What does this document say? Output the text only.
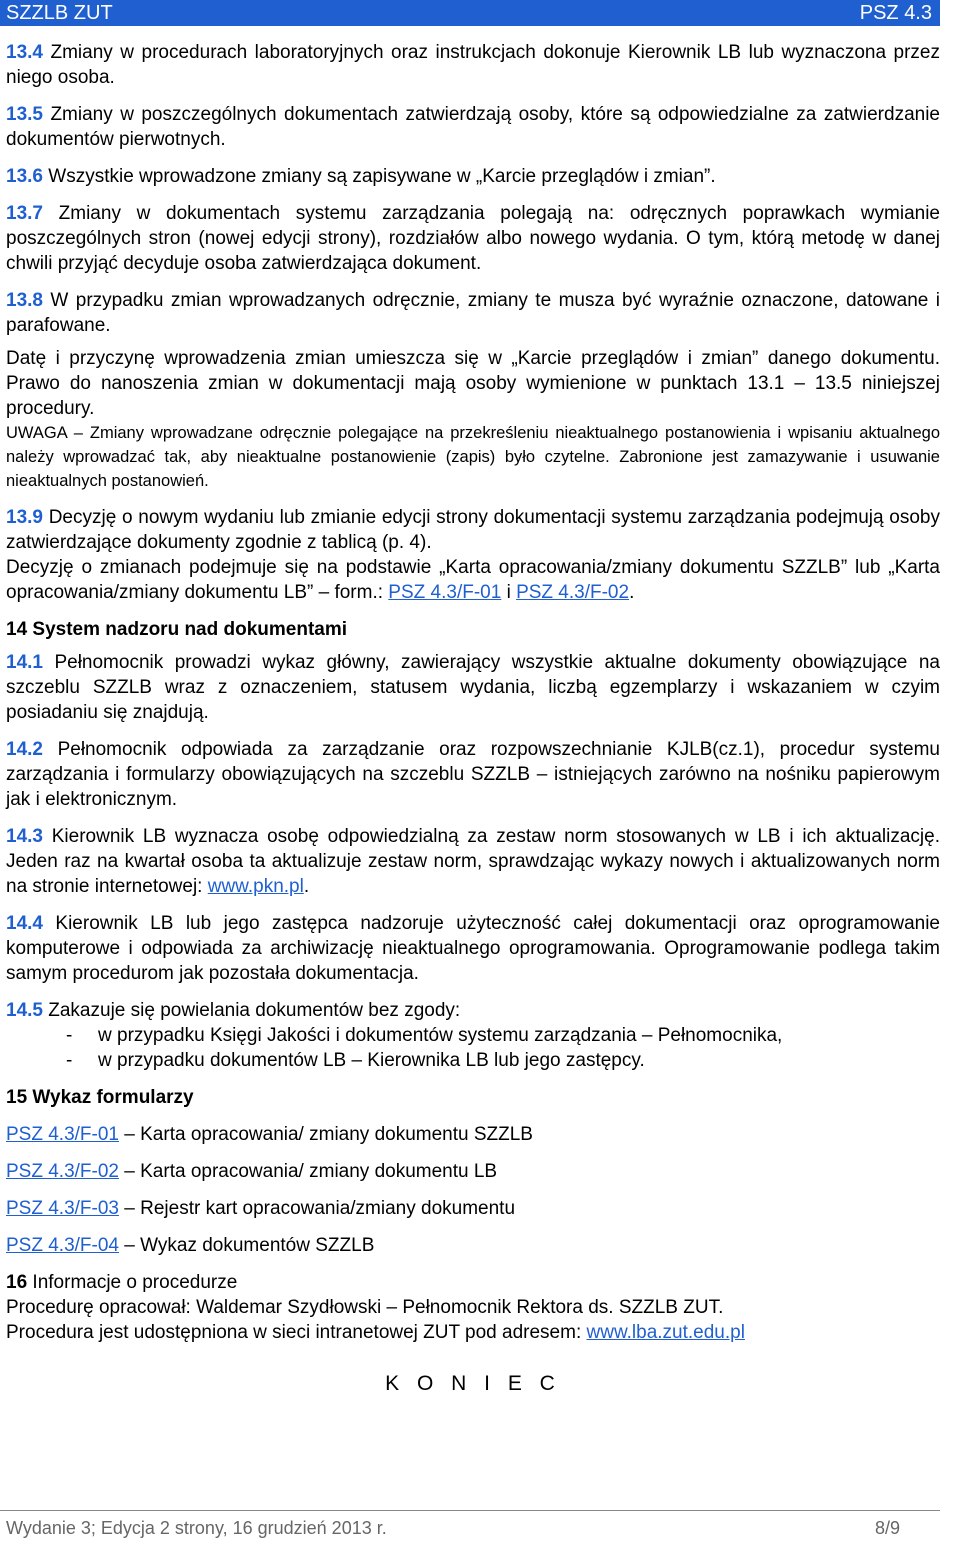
SZZLB ZUT	PSZ 4.3

13.4 Zmiany w procedurach laboratoryjnych oraz instrukcjach dokonuje Kierownik LB lub wyznaczona przez niego osoba.

13.5 Zmiany w poszczególnych dokumentach zatwierdzają osoby, które są odpowiedzialne za zatwierdzanie dokumentów pierwotnych.

13.6 Wszystkie wprowadzone zmiany są zapisywane w „Karcie przeglądów i zmian”.

13.7 Zmiany w dokumentach systemu zarządzania polegają na: odręcznych poprawkach wymianie poszczególnych stron (nowej edycji strony), rozdziałów albo nowego wydania. O tym, którą metodę w danej chwili przyjąć decyduje osoba zatwierdzająca dokument.

13.8 W przypadku zmian wprowadzanych odręcznie, zmiany te musza być wyraźnie oznaczone, datowane i parafowane.

Datę i przyczynę wprowadzenia zmian umieszcza się w „Karcie przeglądów i zmian” danego dokumentu. Prawo do nanoszenia zmian w dokumentacji mają osoby wymienione w punktach 13.1 – 13.5 niniejszej procedury.

UWAGA – Zmiany wprowadzane odręcznie polegające na przekreśleniu nieaktualnego postanowienia i wpisaniu aktualnego należy wprowadzać tak, aby nieaktualne postanowienie (zapis) było czytelne. Zabronione jest zamazywanie i usuwanie nieaktualnych postanowień.

13.9 Decyzję o nowym wydaniu lub zmianie edycji strony dokumentacji systemu zarządzania podejmują osoby zatwierdzające dokumenty zgodnie z tablicą (p. 4).

Decyzję o zmianach podejmuje się na podstawie „Karta opracowania/zmiany dokumentu SZZLB” lub „Karta opracowania/zmiany dokumentu LB” – form.: PSZ 4.3/F-01 i PSZ 4.3/F-02.

14 System nadzoru nad dokumentami

14.1 Pełnomocnik prowadzi wykaz główny, zawierający wszystkie aktualne dokumenty obowiązujące na szczeblu SZZLB wraz z oznaczeniem, statusem wydania, liczbą egzemplarzy i wskazaniem w czyim posiadaniu się znajdują.

14.2 Pełnomocnik odpowiada za zarządzanie oraz rozpowszechnianie KJLB(cz.1), procedur systemu zarządzania i formularzy obowiązujących na szczeblu SZZLB – istniejących zarówno na nośniku papierowym jak i elektronicznym.

14.3 Kierownik LB wyznacza osobę odpowiedzialną za zestaw norm stosowanych w LB i ich aktualizację. Jeden raz na kwartał osoba ta aktualizuje zestaw norm, sprawdzając wykazy nowych i aktualizowanych norm na stronie internetowej: www.pkn.pl.

14.4 Kierownik LB lub jego zastępca nadzoruje użyteczność całej dokumentacji oraz oprogramowanie komputerowe i odpowiada za archiwizację nieaktualnego oprogramowania. Oprogramowanie podlega takim samym procedurom jak pozostała dokumentacja.

14.5 Zakazuje się powielania dokumentów bez zgody:

-	w przypadku Księgi Jakości i dokumentów systemu zarządzania – Pełnomocnika,
-	w przypadku dokumentów LB – Kierownika LB lub jego zastępcy.

15 Wykaz formularzy

PSZ 4.3/F-01 – Karta opracowania/ zmiany dokumentu SZZLB

PSZ 4.3/F-02 – Karta opracowania/ zmiany dokumentu LB

PSZ 4.3/F-03 – Rejestr kart opracowania/zmiany dokumentu

PSZ 4.3/F-04 – Wykaz dokumentów SZZLB

16 Informacje o procedurze

Procedurę opracował: Waldemar Szydłowski – Pełnomocnik Rektora ds. SZZLB ZUT.

Procedura jest udostępniona w sieci intranetowej ZUT pod adresem: www.lba.zut.edu.pl

K O N I E C

Wydanie 3; Edycja 2 strony, 16 grudzień 2013 r.	8/9
